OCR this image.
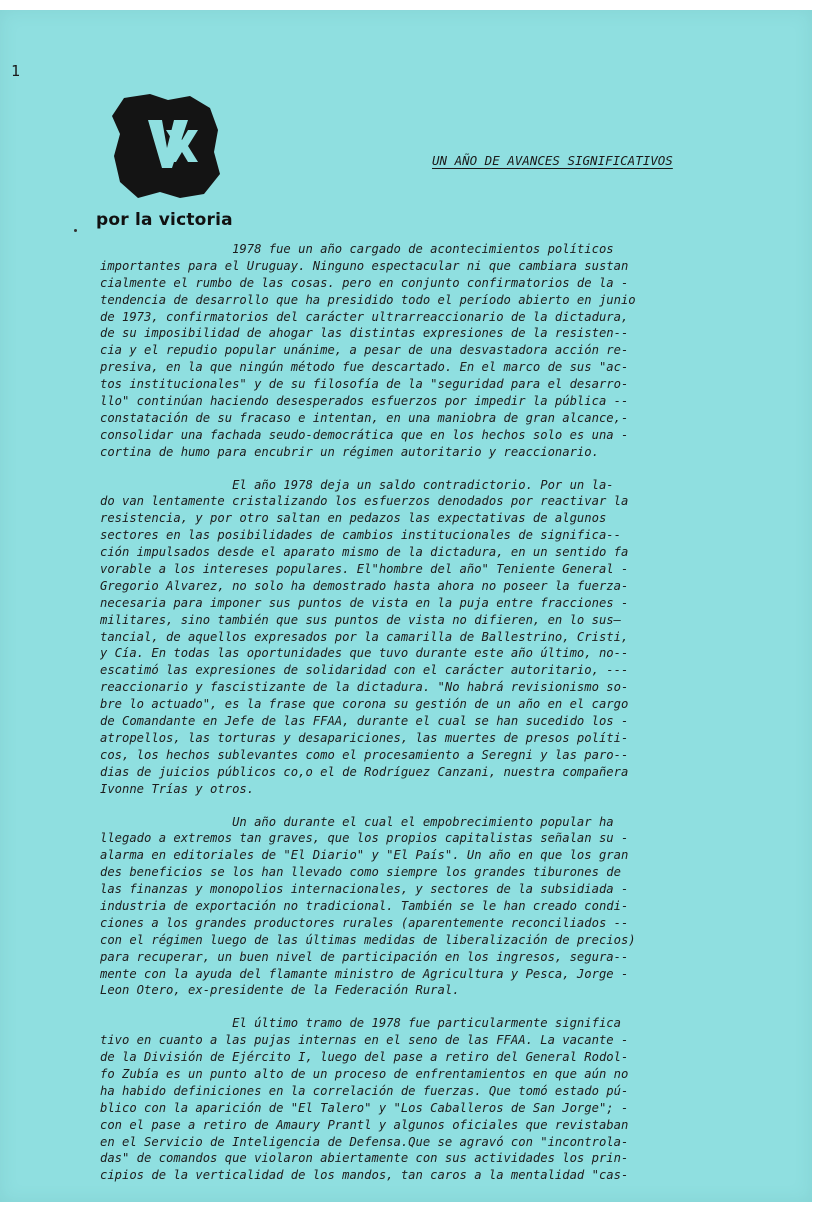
1
por la victoria
UN AÑO DE AVANCES SIGNIFICATIVOS
1978 fue un año cargado de acontecimientos políticos
importantes para el Uruguay. Ninguno espectacular ni que cambiara sustan
cialmente el rumbo de las cosas. pero en conjunto confirmatorios de la -
tendencia de desarrollo que ha presidido todo el período abierto en junio
de 1973, confirmatorios del carácter ultrarreaccionario de la dictadura,
de su imposibilidad de ahogar las distintas expresiones de la resisten--
cia y el repudio popular unánime, a pesar de una desvastadora acción re-
presiva, en la que ningún método fue descartado. En el marco de sus "ac-
tos institucionales" y de su filosofía de la "seguridad para el desarro-
llo" continúan haciendo desesperados esfuerzos por impedir la pública --
constatación de su fracaso e intentan, en una maniobra de gran alcance,-
consolidar una fachada seudo-democrática que en los hechos solo es una -
cortina de humo para encubrir un régimen autoritario y reaccionario.
El año 1978 deja un saldo contradictorio. Por un la-
do van lentamente cristalizando los esfuerzos denodados por reactivar la
resistencia, y por otro saltan en pedazos las expectativas de algunos
sectores en las posibilidades de cambios institucionales de significa--
ción impulsados desde el aparato mismo de la dictadura, en un sentido fa
vorable a los intereses populares. El"hombre del año" Teniente General -
Gregorio Alvarez, no solo ha demostrado hasta ahora no poseer la fuerza-
necesaria para imponer sus puntos de vista en la puja entre fracciones -
militares, sino también que sus puntos de vista no difieren, en lo sus—
tancial, de aquellos expresados por la camarilla de Ballestrino, Cristi,
y Cía. En todas las oportunidades que tuvo durante este año último, no--
escatimó las expresiones de solidaridad con el carácter autoritario, ---
reaccionario y fascistizante de la dictadura. "No habrá revisionismo so-
bre lo actuado", es la frase que corona su gestión de un año en el cargo
de Comandante en Jefe de las FFAA, durante el cual se han sucedido los -
atropellos, las torturas y desapariciones, las muertes de presos políti-
cos, los hechos sublevantes como el procesamiento a Seregni y las paro--
dias de juicios públicos co,o el de Rodríguez Canzani, nuestra compañera
Ivonne Trías y otros.
Un año durante el cual el empobrecimiento popular ha
llegado a extremos tan graves, que los propios capitalistas señalan su -
alarma en editoriales de "El Diario" y "El País". Un año en que los gran
des beneficios se los han llevado como siempre los grandes tiburones de
las finanzas y monopolios internacionales, y sectores de la subsidiada -
industria de exportación no tradicional. También se le han creado condi-
ciones a los grandes productores rurales (aparentemente reconciliados --
con el régimen luego de las últimas medidas de liberalización de precios)
para recuperar, un buen nivel de participación en los ingresos, segura--
mente con la ayuda del flamante ministro de Agricultura y Pesca, Jorge -
Leon Otero, ex-presidente de la Federación Rural.
El último tramo de 1978 fue particularmente significa
tivo en cuanto a las pujas internas en el seno de las FFAA. La vacante -
de la División de Ejército I, luego del pase a retiro del General Rodol-
fo Zubía es un punto alto de un proceso de enfrentamientos en que aún no
ha habido definiciones en la correlación de fuerzas. Que tomó estado pú-
blico con la aparición de "El Talero" y "Los Caballeros de San Jorge"; -
con el pase a retiro de Amaury Prantl y algunos oficiales que revistaban
en el Servicio de Inteligencia de Defensa.Que se agravó con "incontrola-
das" de comandos que violaron abiertamente con sus actividades los prin-
cipios de la verticalidad de los mandos, tan caros a la mentalidad "cas-
